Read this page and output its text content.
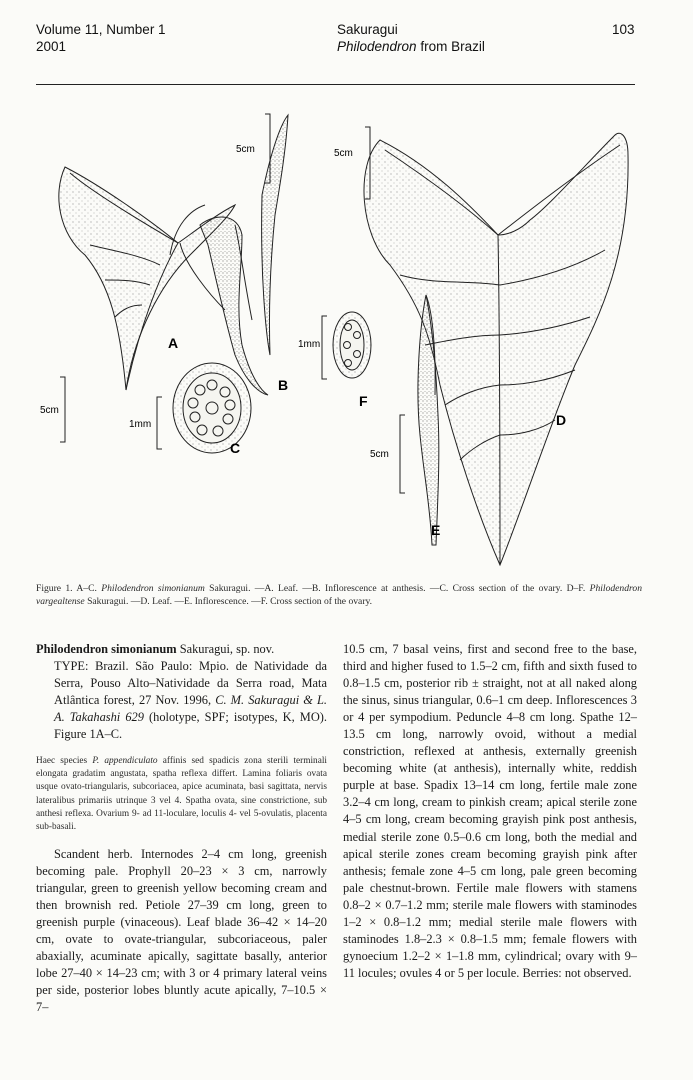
Volume 11, Number 1
2001
Sakuragui
Philodendron from Brazil
103
5cm
5cm
1mm
5cm
5cm
1mm
A
B
C
D
E
F
Figure 1. A–C. Philodendron simonianum Sakuragui. —A. Leaf. —B. Inflorescence at anthesis. —C. Cross section of the ovary. D–F. Philodendron vargealtense Sakuragui. —D. Leaf. —E. Inflorescence. —F. Cross section of the ovary.

Philodendron simonianum Sakuragui, sp. nov.

TYPE: Brazil. São Paulo: Mpio. de Natividade da Serra, Pouso Alto–Natividade da Serra road, Mata Atlântica forest, 27 Nov. 1996, C. M. Sakuragui & L. A. Takahashi 629 (holotype, SPF; isotypes, K, MO). Figure 1A–C.

Haec species P. appendiculato affinis sed spadicis zona sterili terminali elongata gradatim angustata, spatha reflexa differt. Lamina foliaris ovata usque ovato-triangularis, subcoriacea, apice acuminata, basi sagittata, nervis lateralibus primariis utrinque 3 vel 4. Spatha ovata, sine constrictione, sub anthesi reflexa. Ovarium 9- ad 11-loculare, loculis 4- vel 5-ovulatis, placenta sub-basali.

Scandent herb. Internodes 2–4 cm long, greenish becoming pale. Prophyll 20–23 × 3 cm, narrowly triangular, green to greenish yellow becoming cream and then brownish red. Petiole 27–39 cm long, green to greenish purple (vinaceous). Leaf blade 36–42 × 14–20 cm, ovate to ovate-triangular, subcoriaceous, paler abaxially, acuminate apically, sagittate basally, anterior lobe 27–40 × 14–23 cm; with 3 or 4 primary lateral veins per side, posterior lobes bluntly acute apically, 7–10.5 × 7–

10.5 cm, 7 basal veins, first and second free to the base, third and higher fused to 1.5–2 cm, fifth and sixth fused to 0.8–1.5 cm, posterior rib ± straight, not at all naked along the sinus, sinus triangular, 0.6–1 cm deep. Inflorescences 3 or 4 per sympodium. Peduncle 4–8 cm long. Spathe 12–13.5 cm long, narrowly ovoid, without a medial constriction, reflexed at anthesis, externally greenish becoming white (at anthesis), internally white, reddish purple at base. Spadix 13–14 cm long, fertile male zone 3.2–4 cm long, cream to pinkish cream; apical sterile zone 4–5 cm long, cream becoming grayish pink post anthesis, medial sterile zone 0.5–0.6 cm long, both the medial and apical sterile zones cream becoming grayish pink after anthesis; female zone 4–5 cm long, pale green becoming pale chestnut-brown. Fertile male flowers with stamens 0.8–2 × 0.7–1.2 mm; sterile male flowers with staminodes 1–2 × 0.8–1.2 mm; medial sterile male flowers with staminodes 1.8–2.3 × 0.8–1.5 mm; female flowers with gynoecium 1.2–2 × 1–1.8 mm, cylindrical; ovary with 9–11 locules; ovules 4 or 5 per locule. Berries: not observed.
